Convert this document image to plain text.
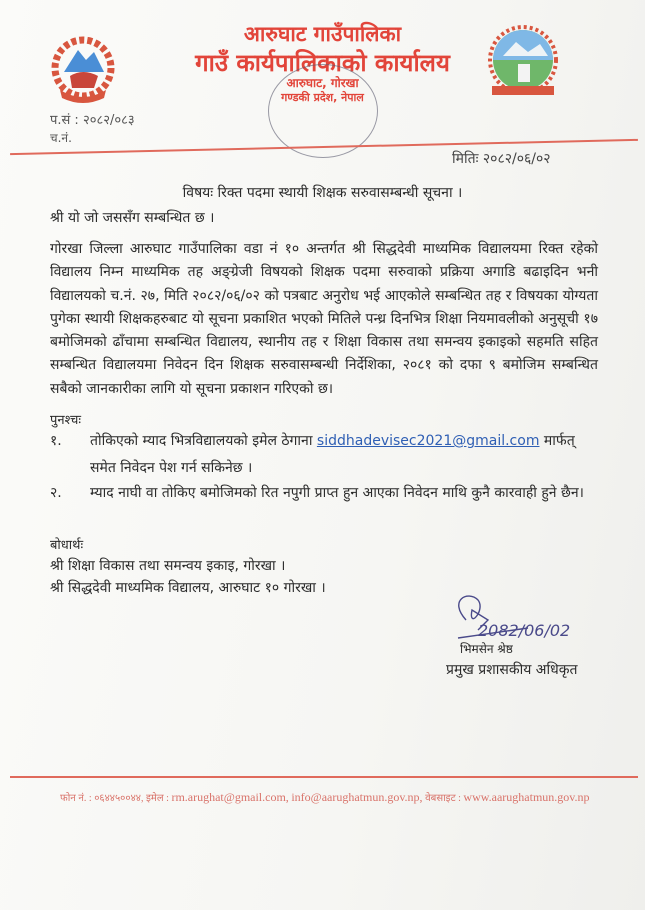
आरुघाट गाउँपालिका
गाउँ कार्यपालिकाको कार्यालय
आरुघाट, गोरखा
गण्डकी प्रदेश, नेपाल
प.सं : २०८२/०८३
च.नं.
मितिः २०८२/०६/०२
विषयः रिक्त पदमा स्थायी शिक्षक सरुवासम्बन्धी सूचना ।
श्री यो जो जससँग सम्बन्धित छ ।
गोरखा जिल्ला आरुघाट गाउँपालिका वडा नं १० अन्तर्गत श्री सिद्धदेवी माध्यमिक विद्यालयमा रिक्त रहेको विद्यालय निम्न माध्यमिक तह अङ्ग्रेजी विषयको शिक्षक पदमा सरुवाको प्रक्रिया अगाडि बढाइदिन भनी विद्यालयको च.नं. २७, मिति २०८२/०६/०२ को पत्रबाट अनुरोध भई आएकोले सम्बन्धित तह र विषयका योग्यता पुगेका स्थायी शिक्षकहरुबाट यो सूचना प्रकाशित भएको मितिले पन्ध्र दिनभित्र शिक्षा नियमावलीको अनुसूची १७ बमोजिमको ढाँचामा सम्बन्धित विद्यालय, स्थानीय तह र शिक्षा विकास तथा समन्वय इकाइको सहमति सहित सम्बन्धित विद्यालयमा निवेदन दिन शिक्षक सरुवासम्बन्धी निर्देशिका, २०८१ को दफा ९ बमोजिम सम्बन्धित सबैको जानकारीका लागि यो सूचना प्रकाशन गरिएको छ।
पुनश्चः
१. तोकिएको म्याद भित्रविद्यालयको इमेल ठेगाना siddhadevisec2021@gmail.com मार्फत् समेत निवेदन पेश गर्न सकिनेछ ।
२. म्याद नाघी वा तोकिए बमोजिमको रित नपुगी प्राप्त हुन आएका निवेदन माथि कुनै कारवाही हुने छैन।
बोधार्थः
श्री शिक्षा विकास तथा समन्वय इकाइ, गोरखा ।
श्री सिद्धदेवी माध्यमिक विद्यालय, आरुघाट १० गोरखा ।
2082/06/02
भिमसेन श्रेष्ठ
प्रमुख प्रशासकीय अधिकृत
फोन नं. : ०६४४५००४४, इमेल : rm.arughat@gmail.com, info@aarughatmun.gov.np, वेबसाइट : www.aarughatmun.gov.np
